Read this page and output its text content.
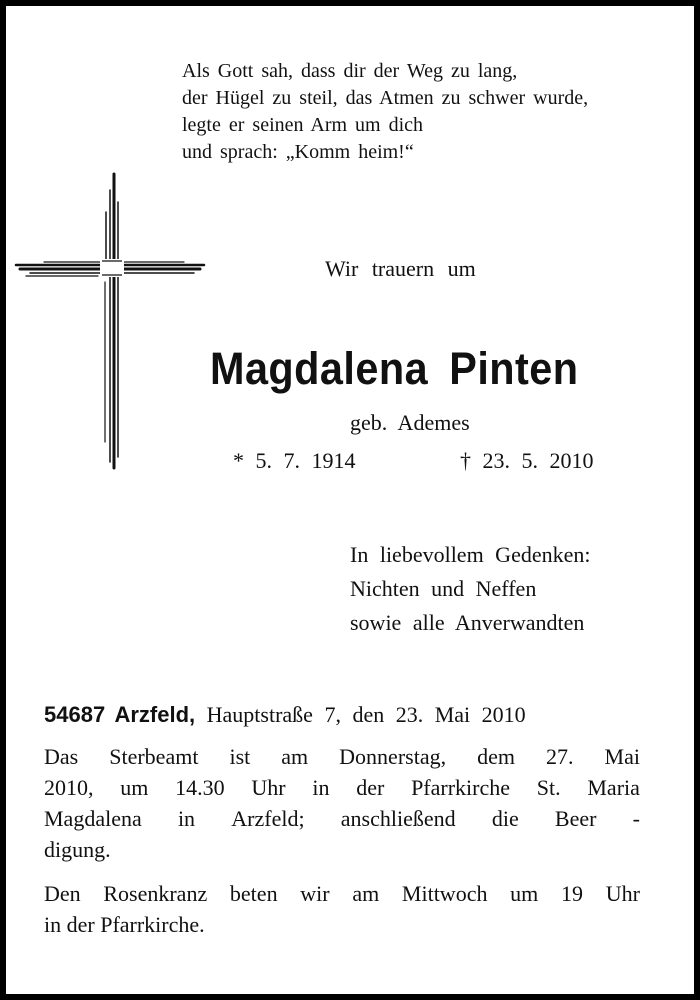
Als Gott sah, dass dir der Weg zu lang,
der Hügel zu steil, das Atmen zu schwer wurde,
legte er seinen Arm um dich
und sprach: „Komm heim!“
Wir trauern um
Magdalena Pinten
geb. Ademes
* 5. 7. 1914	† 23. 5. 2010
In liebevollem Gedenken:
Nichten und Neffen
sowie alle Anverwandten
54687 Arzfeld, Hauptstraße 7, den 23. Mai 2010
Das Sterbeamt ist am Donnerstag, dem 27. Mai
2010, um 14.30 Uhr in der Pfarrkirche St. Maria
Magdalena in Arzfeld; anschließend die Beer -
digung.
Den Rosenkranz beten wir am Mittwoch um 19 Uhr
in der Pfarrkirche.
